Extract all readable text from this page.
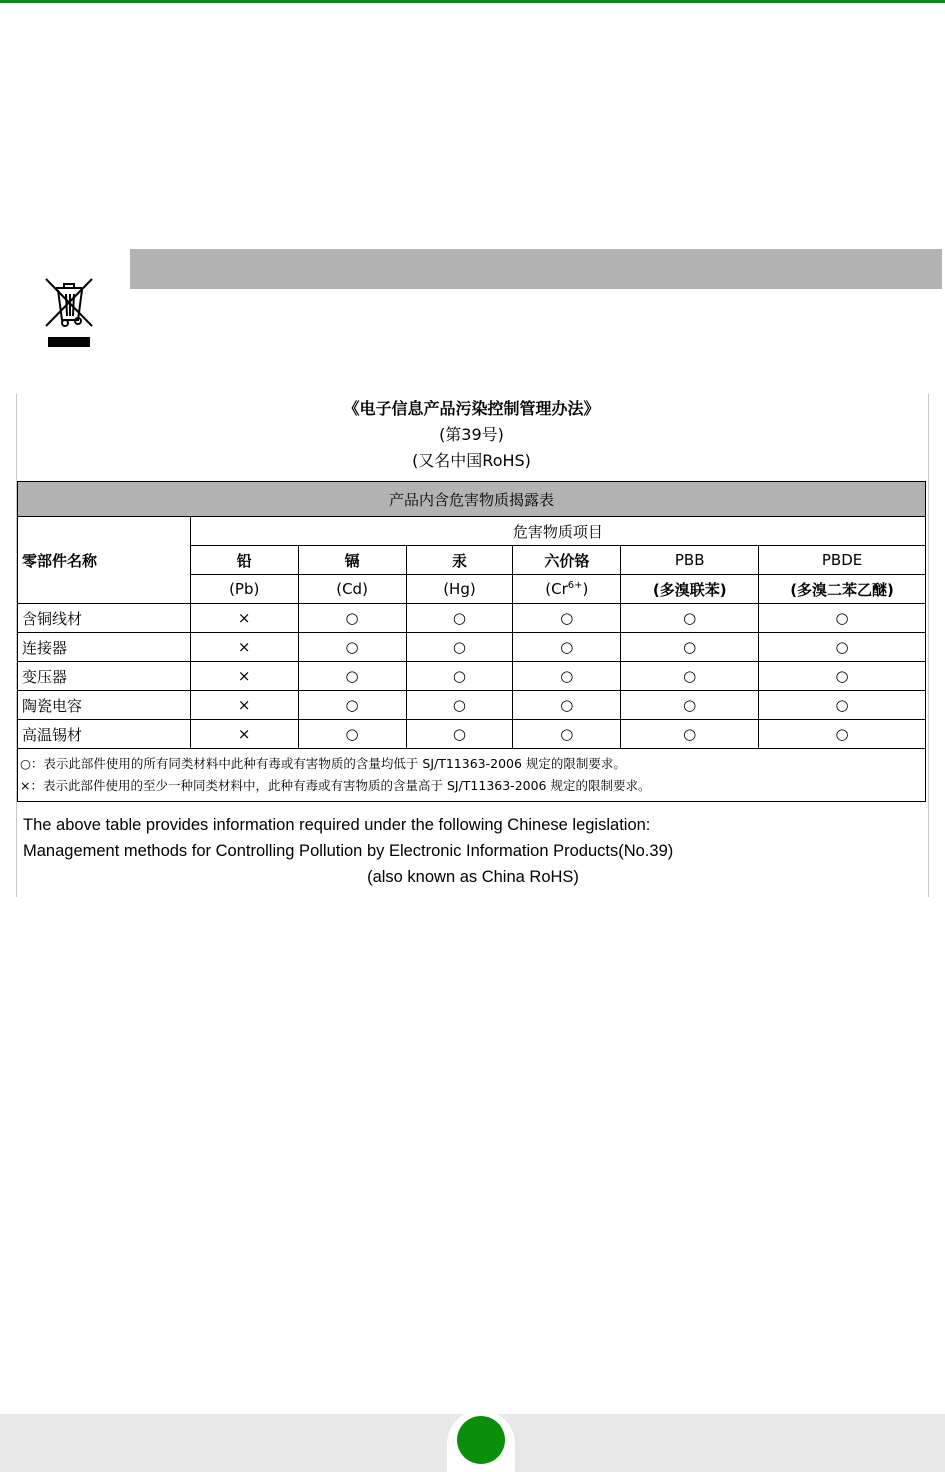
《电子信息产品污染控制管理办法》
(第39号)
(又名中国RoHS)
产品内含危害物质揭露表						
零部件名称	危害物质项目					
	铅	镉	汞	六价铬	PBB	PBDE
	(Pb)	(Cd)	(Hg)	$(Cr^{6+})$	(多溴联苯)	(多溴二苯乙醚)
含铜线材	×	○	○	○	○	○
连接器	×	○	○	○	○	○
变压器	×	○	○	○	○	○
陶瓷电容	×	○	○	○	○	○
高温锡材	×	○	○	○	○	○

○：表示此部件使用的所有同类材料中此种有毒或有害物质的含量均低于 SJ/T11363-2006 规定的限制要求。
×：表示此部件使用的至少一种同类材料中，此种有毒或有害物质的含量高于 SJ/T11363-2006 规定的限制要求。						
The above table provides information required under the following Chinese legislation:
Management methods for Controlling Pollution by Electronic Information Products(No.39)
(also known as China RoHS)
